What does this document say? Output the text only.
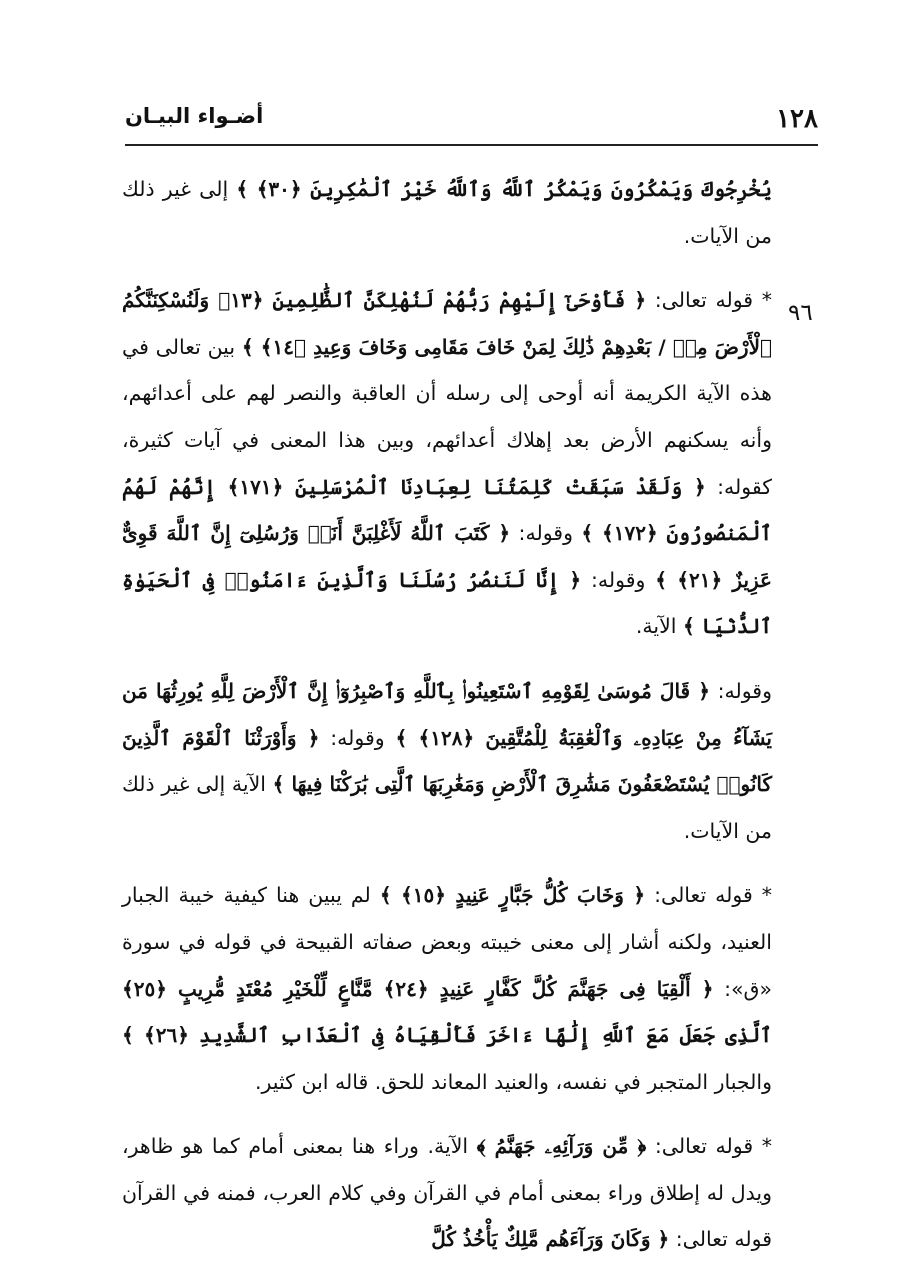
١٢٨
أضـواء البيـان
٩٦

يُخْرِجُوكَ وَيَمْكُرُونَ وَيَمْكُرُ ٱللَّهُ وَٱللَّهُ خَيْرُ ٱلْمَٰكِرِينَ ﴿٣٠﴾ ﴾ إلى غير ذلك من الآيات.

* قوله تعالى: ﴿ فَأَوْحَىٰٓ إِلَيْهِمْ رَبُّهُمْ لَنُهْلِكَنَّ ٱلظَّٰلِمِينَ ﴿١٣﴾ وَلَنُسْكِنَنَّكُمُ ٱلْأَرْضَ مِنۢ / بَعْدِهِمْ ذَٰلِكَ لِمَنْ خَافَ مَقَامِى وَخَافَ وَعِيدِ ﴿١٤﴾ ﴾ بين تعالى في هذه الآية الكريمة أنه أوحى إلى رسله أن العاقبة والنصر لهم على أعدائهم، وأنه يسكنهم الأرض بعد إهلاك أعدائهم، وبين هذا المعنى في آيات كثيرة، كقوله: ﴿ وَلَقَدْ سَبَقَتْ كَلِمَتُنَا لِعِبَادِنَا ٱلْمُرْسَلِينَ ﴿١٧١﴾ إِنَّهُمْ لَهُمُ ٱلْمَنصُورُونَ ﴿١٧٢﴾ ﴾ وقوله: ﴿ كَتَبَ ٱللَّهُ لَأَغْلِبَنَّ أَنَا۠ وَرُسُلِىٓ إِنَّ ٱللَّهَ قَوِىٌّ عَزِيزٌ ﴿٢١﴾ ﴾ وقوله: ﴿ إِنَّا لَنَنصُرُ رُسُلَنَا وَٱلَّذِينَ ءَامَنُوا۟ فِى ٱلْحَيَوٰةِ ٱلدُّنْيَا ﴾ الآية.

وقوله: ﴿ قَالَ مُوسَىٰ لِقَوْمِهِ ٱسْتَعِينُوا۟ بِٱللَّهِ وَٱصْبِرُوٓا۟ إِنَّ ٱلْأَرْضَ لِلَّهِ يُورِثُهَا مَن يَشَآءُ مِنْ عِبَادِهِۦ وَٱلْعَٰقِبَةُ لِلْمُتَّقِينَ ﴿١٢٨﴾ ﴾ وقوله: ﴿ وَأَوْرَثْنَا ٱلْقَوْمَ ٱلَّذِينَ كَانُوا۟ يُسْتَضْعَفُونَ مَشَٰرِقَ ٱلْأَرْضِ وَمَغَٰرِبَهَا ٱلَّتِى بَٰرَكْنَا فِيهَا ﴾ الآية إلى غير ذلك من الآيات.

* قوله تعالى: ﴿ وَخَابَ كُلُّ جَبَّارٍ عَنِيدٍ ﴿١٥﴾ ﴾ لم يبين هنا كيفية خيبة الجبار العنيد، ولكنه أشار إلى معنى خيبته وبعض صفاته القبيحة في قوله في سورة «ق»: ﴿ أَلْقِيَا فِى جَهَنَّمَ كُلَّ كَفَّارٍ عَنِيدٍ ﴿٢٤﴾ مَّنَّاعٍ لِّلْخَيْرِ مُعْتَدٍ مُّرِيبٍ ﴿٢٥﴾ ٱلَّذِى جَعَلَ مَعَ ٱللَّهِ إِلَٰهًا ءَاخَرَ فَأَلْقِيَاهُ فِى ٱلْعَذَابِ ٱلشَّدِيدِ ﴿٢٦﴾ ﴾ والجبار المتجبر في نفسه، والعنيد المعاند للحق. قاله ابن كثير.

* قوله تعالى: ﴿ مِّن وَرَآئِهِۦ جَهَنَّمُ ﴾ الآية. وراء هنا بمعنى أمام كما هو ظاهر، ويدل له إطلاق وراء بمعنى أمام في القرآن وفي كلام العرب، فمنه في القرآن قوله تعالى: ﴿ وَكَانَ وَرَآءَهُم مَّلِكٌ يَأْخُذُ كُلَّ
